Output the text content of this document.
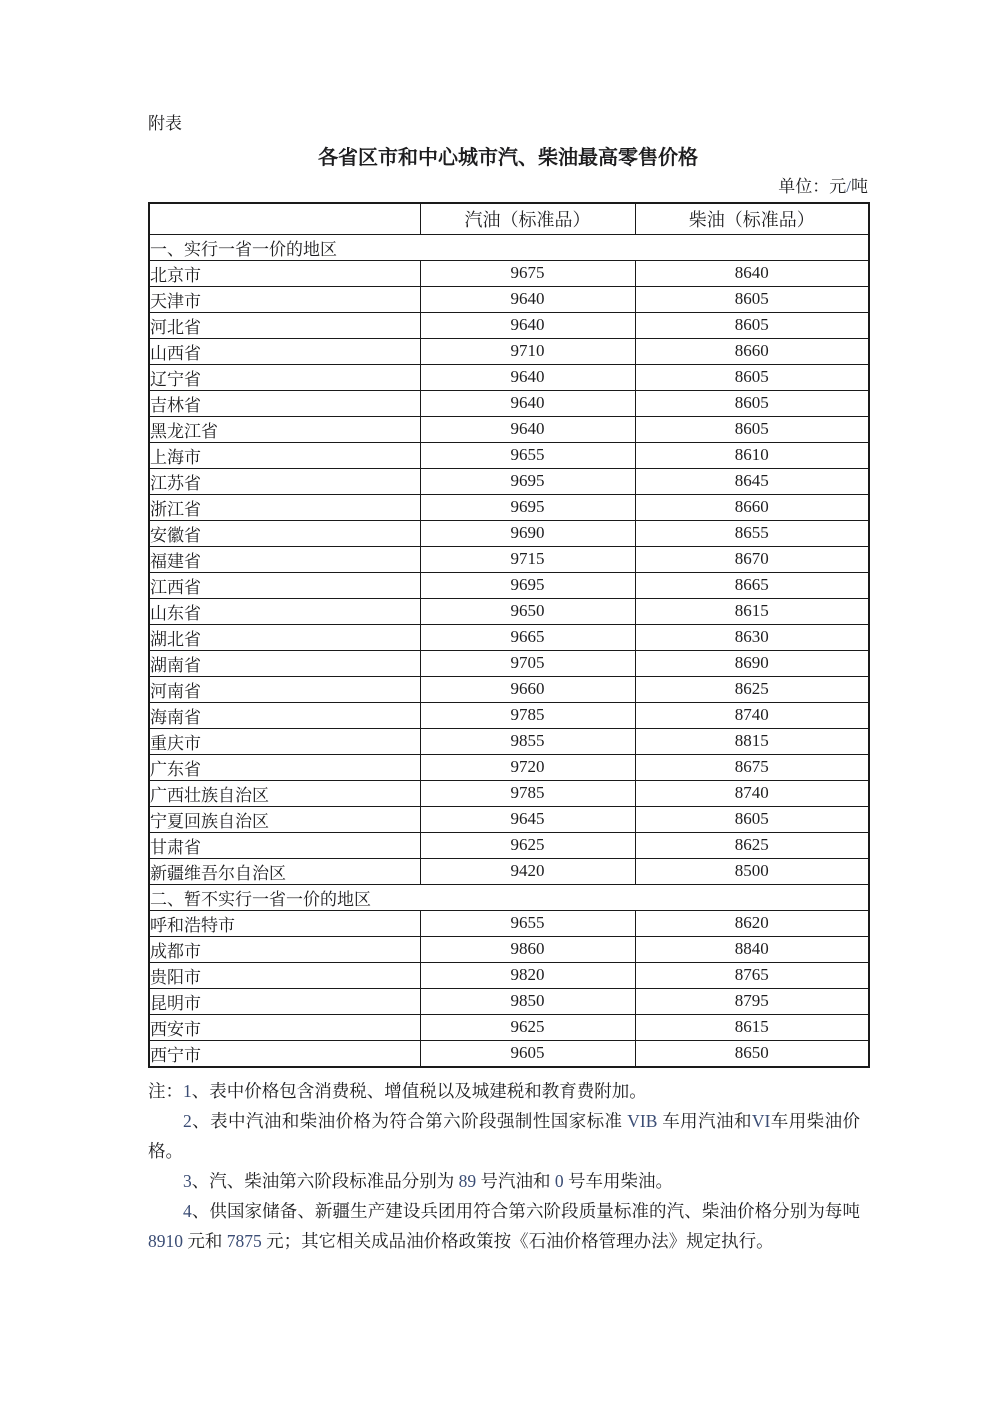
附表
各省区市和中心城市汽、柴油最高零售价格
单位：元/吨
	汽油（标准品）	柴油（标准品）
一、实行一省一价的地区		
北京市	9675	8640
天津市	9640	8605
河北省	9640	8605
山西省	9710	8660
辽宁省	9640	8605
吉林省	9640	8605
黑龙江省	9640	8605
上海市	9655	8610
江苏省	9695	8645
浙江省	9695	8660
安徽省	9690	8655
福建省	9715	8670
江西省	9695	8665
山东省	9650	8615
湖北省	9665	8630
湖南省	9705	8690
河南省	9660	8625
海南省	9785	8740
重庆市	9855	8815
广东省	9720	8675
广西壮族自治区	9785	8740
宁夏回族自治区	9645	8605
甘肃省	9625	8625
新疆维吾尔自治区	9420	8500
二、暂不实行一省一价的地区		
呼和浩特市	9655	8620
成都市	9860	8840
贵阳市	9820	8765
昆明市	9850	8795
西安市	9625	8615
西宁市	9605	8650

注：1、表中价格包含消费税、增值税以及城建税和教育费附加。

2、表中汽油和柴油价格为符合第六阶段强制性国家标准 VIB 车用汽油和VI车用柴油价格。

3、汽、柴油第六阶段标准品分别为 89 号汽油和 0 号车用柴油。

4、供国家储备、新疆生产建设兵团用符合第六阶段质量标准的汽、柴油价格分别为每吨 8910 元和 7875 元；其它相关成品油价格政策按《石油价格管理办法》规定执行。
